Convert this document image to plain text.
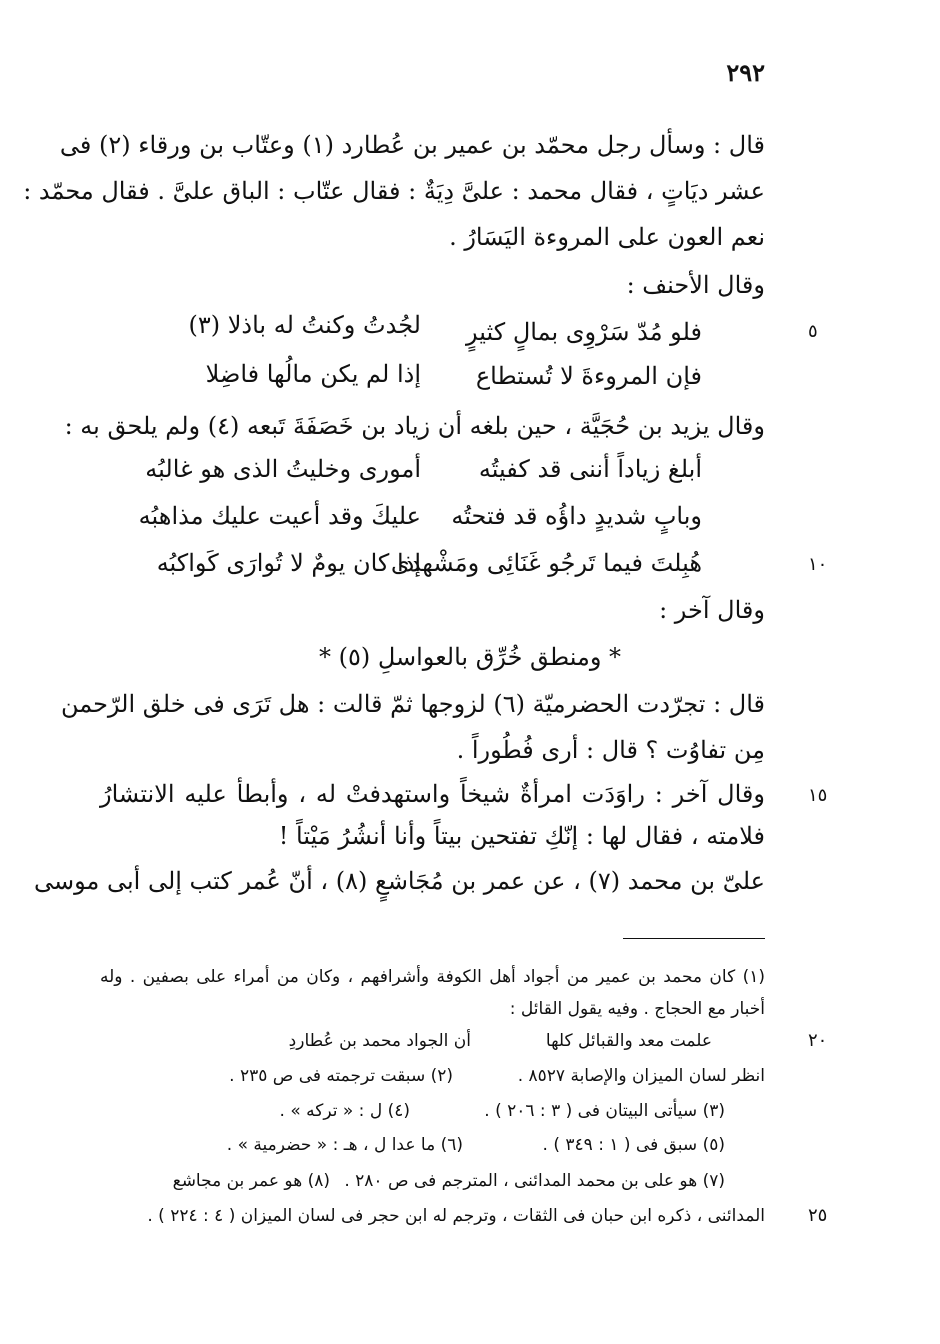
٢٩٢
قال : وسأل رجل محمّد بن عمير بن عُطارد (١) وعتّاب بن ورقاء (٢) فى
عشر ديَاتٍ ، فقال محمد : علىَّ دِيَةٌ : فقال عتّاب : الباق علىَّ . فقال محمّد :
نعم العون على المروءة اليَسَارُ .
وقال الأحنف :
فلو مُدّ سَرْوِى بمالٍ كثيرٍ
لجُدتُ وكنتُ له باذلا (٣)	٥
فإن المروءةَ لا تُستطاع
إذا لم يكن مالُها فاضِلا
وقال يزيد بن حُجَيَّة ، حين بلغه أن زياد بن خَصَفَةَ تَبعه (٤) ولم يلحق به :
أبلغ زياداً أننى قد كفيتُه
أمورى وخليتُ الذى هو غالبُه
وبابٍ شديدٍ داؤُه قد فتحتُه
عليكَ وقد أعيت عليك مذاهبُه
هُبِلتَ فيما تَرجُو غَنَائِى ومَشْهدى
إذا كان يومٌ لا تُوارَى كَواكبُه	١٠
وقال آخر :
* ومنطق خُرِّق بالعواسلِ (٥) *
قال : تجرّدت الحضرميّة (٦) لزوجها ثمّ قالت : هل تَرَى فى خلق الرّحمن
مِن تفاوُت ؟ قال : أرى فُطُوراً .
وقال آخر : راوَدَت امرأةٌ شيخاً واستهدفتْ له ، وأبطأ عليه الانتشارُ ١٥
فلامته ، فقال لها : إنّكِ تفتحين بيتاً وأنا أنشُرُ مَيْتاً !
علىّ بن محمد (٧) ، عن عمر بن مُجَاشعٍ (٨) ، أنّ عُمر كتب إلى أبى موسى
(١) كان محمد بن عمير من أجواد أهل الكوفة وأشرافهم ، وكان من أمراء على بصفين . وله
أخبار مع الحجاج . وفيه يقول القائل :
علمت معد والقبائل كلها
أن الجواد محمد بن عُطاردِ	٢٠
انظر لسان الميزان والإصابة ٨٥٢٧ .
(٢) سبقت ترجمته فى ص ٢٣٥ .
(٣) سيأتى البيتان فى ( ٣ : ٢٠٦ ) .
(٤) ل : « تركه » .
(٥) سبق فى ( ١ : ٣٤٩ ) .
(٦) ما عدا ل ، هـ : « حضرمية » .
(٧) هو على بن محمد المدائنى ، المترجم فى ص ٢٨٠ .
(٨) هو عمر بن مجاشع
المدائنى ، ذكره ابن حبان فى الثقات ، وترجم له ابن حجر فى لسان الميزان ( ٤ : ٢٢٤ ) . ٢٥
